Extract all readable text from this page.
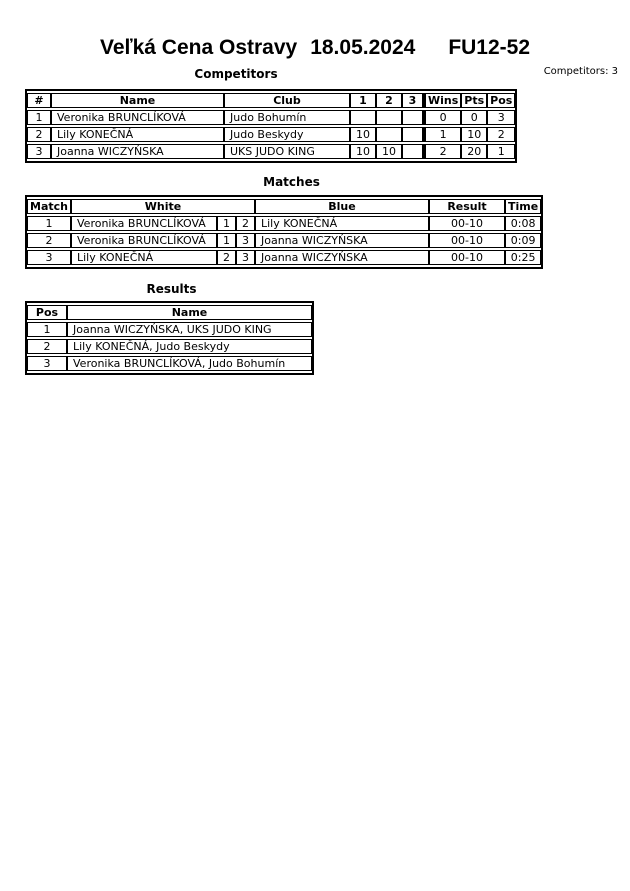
Veľká Cena Ostravy 18.05.2024 FU12-52
Competitors: 3
Competitors
#	Name	Club	1	2	3	Wins	Pts	Pos
1	Veronika BRUNCLÍKOVÁ	Judo Bohumín				0	0	3
2	Lily KONEČNÁ	Judo Beskydy	10			1	10	2
3	Joanna WICZYŃSKA	UKS JUDO KING	10	10		2	20	1
Matches
Match	White			Blue	Result	Time
1	Veronika BRUNCLÍKOVÁ	1	2	Lily KONEČNÁ	00-10	0:08
2	Veronika BRUNCLÍKOVÁ	1	3	Joanna WICZYŃSKA	00-10	0:09
3	Lily KONEČNÁ	2	3	Joanna WICZYŃSKA	00-10	0:25
Results
Pos	Name
1	Joanna WICZYŃSKA, UKS JUDO KING
2	Lily KONEČNÁ, Judo Beskydy
3	Veronika BRUNCLÍKOVÁ, Judo Bohumín
